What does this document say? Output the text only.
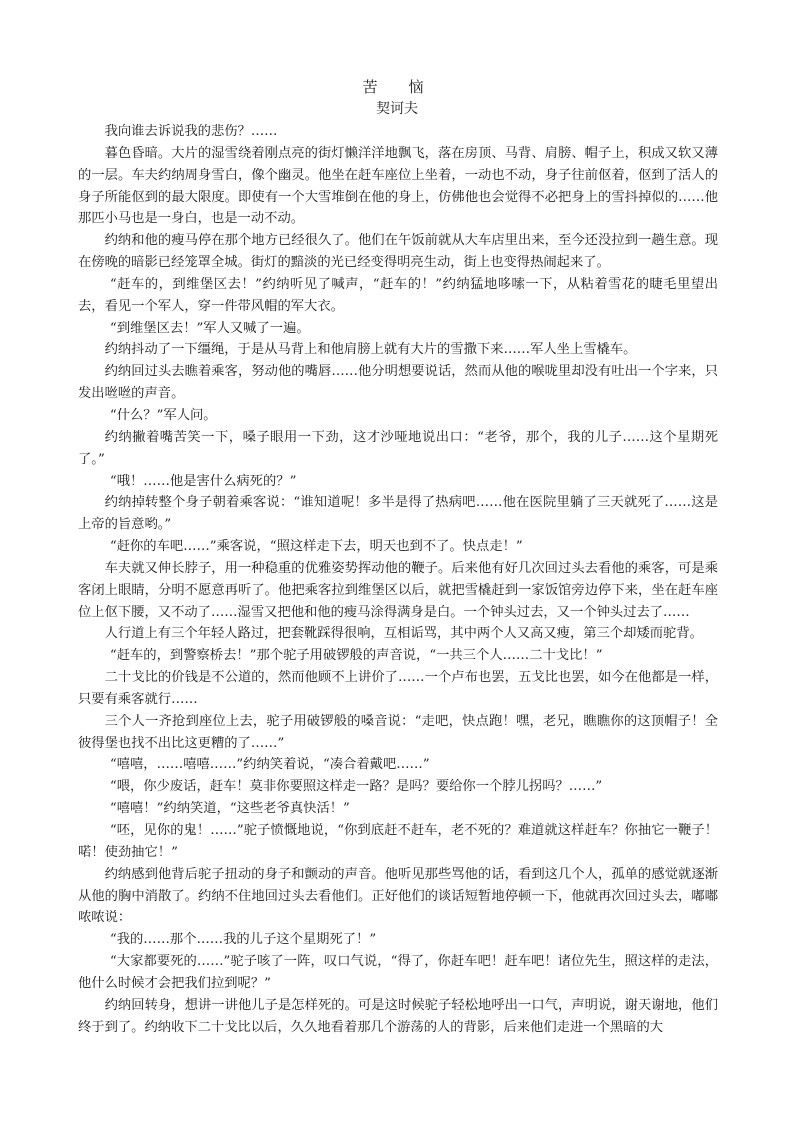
苦　恼
契诃夫

我向谁去诉说我的悲伤？……

暮色昏暗。大片的湿雪绕着刚点亮的街灯懒洋洋地飘飞，落在房顶、马背、肩膀、帽子上，积成又软又薄的一层。车夫约纳周身雪白，像个幽灵。他坐在赶车座位上坐着，一动也不动，身子往前伛着，伛到了活人的身子所能伛到的最大限度。即使有一个大雪堆倒在他的身上，仿佛他也会觉得不必把身上的雪抖掉似的……他那匹小马也是一身白，也是一动不动。

约纳和他的瘦马停在那个地方已经很久了。他们在午饭前就从大车店里出来，至今还没拉到一趟生意。现在傍晚的暗影已经笼罩全城。街灯的黯淡的光已经变得明亮生动，街上也变得热闹起来了。

“赶车的，到维堡区去！”约纳听见了喊声，“赶车的！”约纳猛地哆嗦一下，从粘着雪花的睫毛里望出去，看见一个军人，穿一件带风帽的军大衣。

“到维堡区去！”军人又喊了一遍。

约纳抖动了一下缰绳，于是从马背上和他肩膀上就有大片的雪撒下来……军人坐上雪橇车。

约纳回过头去瞧着乘客，努动他的嘴唇……他分明想要说话，然而从他的喉咙里却没有吐出一个字来，只发出咝咝的声音。

“什么？”军人问。

约纳撇着嘴苦笑一下，嗓子眼用一下劲，这才沙哑地说出口：“老爷，那个，我的儿子……这个星期死了。”

“哦！……他是害什么病死的？”

约纳掉转整个身子朝着乘客说：“谁知道呢！多半是得了热病吧……他在医院里躺了三天就死了……这是上帝的旨意哟。”

“赶你的车吧……”乘客说，“照这样走下去，明天也到不了。快点走！”

车夫就又伸长脖子，用一种稳重的优雅姿势挥动他的鞭子。后来他有好几次回过头去看他的乘客，可是乘客闭上眼睛，分明不愿意再听了。他把乘客拉到维堡区以后，就把雪橇赶到一家饭馆旁边停下来，坐在赶车座位上伛下腰，又不动了……湿雪又把他和他的瘦马涂得满身是白。一个钟头过去，又一个钟头过去了……

人行道上有三个年轻人路过，把套靴踩得很响，互相诟骂，其中两个人又高又瘦，第三个却矮而驼背。

“赶车的，到警察桥去！”那个驼子用破锣般的声音说，“一共三个人……二十戈比！”

二十戈比的价钱是不公道的，然而他顾不上讲价了……一个卢布也罢，五戈比也罢，如今在他都是一样，只要有乘客就行……

三个人一齐抢到座位上去，驼子用破锣般的嗓音说：“走吧，快点跑！嘿，老兄，瞧瞧你的这顶帽子！全彼得堡也找不出比这更糟的了……”

“嘻嘻，……嘻嘻……”约纳笑着说，“凑合着戴吧……”

“喂，你少废话，赶车！莫非你要照这样走一路？是吗？要给你一个脖儿拐吗？……”

“嘻嘻！”约纳笑道，“这些老爷真快活！”

“呸，见你的鬼！……”驼子愤慨地说，“你到底赶不赶车，老不死的？难道就这样赶车？你抽它一鞭子！喏！使劲抽它！”

约纳感到他背后驼子扭动的身子和颤动的声音。他听见那些骂他的话，看到这几个人，孤单的感觉就逐渐从他的胸中消散了。约纳不住地回过头去看他们。正好他们的谈话短暂地停顿一下，他就再次回过头去，嘟嘟哝哝说：

“我的……那个……我的儿子这个星期死了！”

“大家都要死的……”驼子咳了一阵，叹口气说，“得了，你赶车吧！赶车吧！诸位先生，照这样的走法，他什么时候才会把我们拉到呢？”

约纳回转身，想讲一讲他儿子是怎样死的。可是这时候驼子轻松地呼出一口气，声明说，谢天谢地，他们终于到了。约纳收下二十戈比以后，久久地看着那几个游荡的人的背影，后来他们走进一个黑暗的大
